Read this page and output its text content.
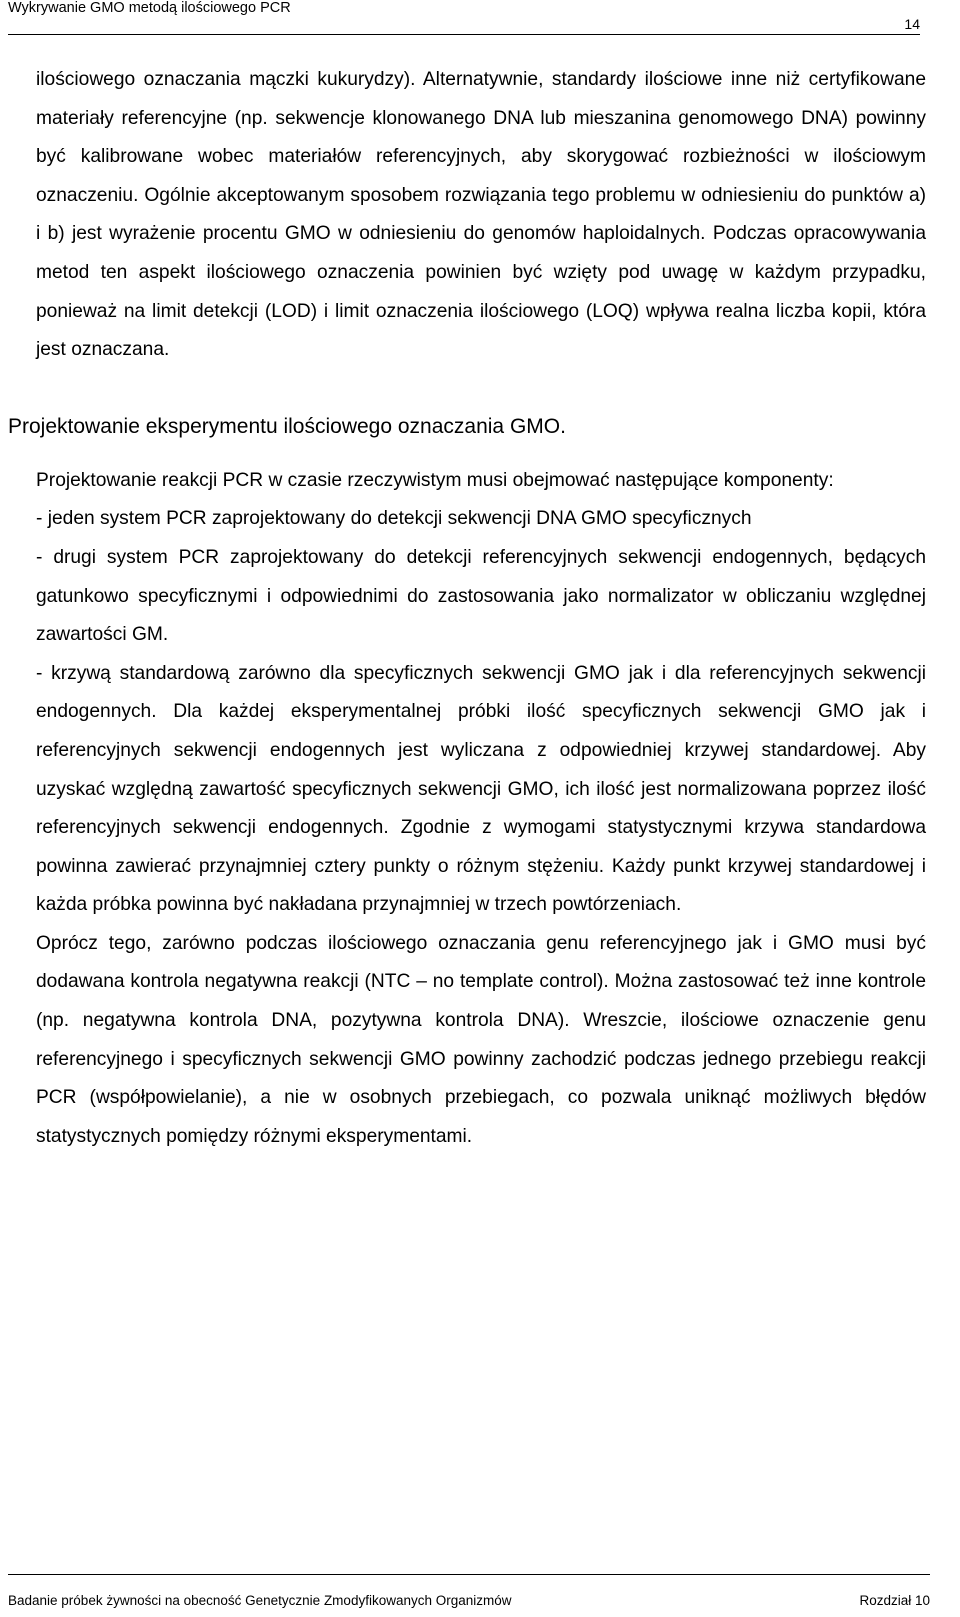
Wykrywanie GMO metodą ilościowego PCR
14

ilościowego oznaczania mączki kukurydzy). Alternatywnie, standardy ilościowe inne niż certyfikowane materiały referencyjne (np. sekwencje klonowanego DNA lub mieszanina genomowego DNA) powinny być kalibrowane wobec materiałów referencyjnych, aby skorygować rozbieżności w ilościowym oznaczeniu. Ogólnie akceptowanym sposobem rozwiązania tego problemu w odniesieniu do punktów a) i b) jest wyrażenie procentu GMO w odniesieniu do genomów haploidalnych. Podczas opracowywania metod ten aspekt ilościowego oznaczenia powinien być wzięty pod uwagę w każdym przypadku, ponieważ na limit detekcji (LOD) i limit oznaczenia ilościowego (LOQ) wpływa realna liczba kopii, która jest oznaczana.

Projektowanie eksperymentu ilościowego oznaczania GMO.

Projektowanie reakcji PCR w czasie rzeczywistym musi obejmować następujące komponenty:

- jeden system PCR zaprojektowany do detekcji sekwencji DNA GMO specyficznych

- drugi system PCR zaprojektowany do detekcji referencyjnych sekwencji endogennych, będących gatunkowo specyficznymi i odpowiednimi do zastosowania jako normalizator w obliczaniu względnej zawartości GM.

- krzywą standardową zarówno dla specyficznych sekwencji GMO jak i dla referencyjnych sekwencji endogennych. Dla każdej eksperymentalnej próbki ilość specyficznych sekwencji GMO jak i referencyjnych sekwencji endogennych jest wyliczana z odpowiedniej krzywej standardowej. Aby uzyskać względną zawartość specyficznych sekwencji GMO, ich ilość jest normalizowana poprzez ilość referencyjnych sekwencji endogennych. Zgodnie z wymogami statystycznymi krzywa standardowa powinna zawierać przynajmniej cztery punkty o różnym stężeniu. Każdy punkt krzywej standardowej i każda próbka powinna być nakładana przynajmniej w trzech powtórzeniach.

Oprócz tego, zarówno podczas ilościowego oznaczania genu referencyjnego jak i GMO musi być dodawana kontrola negatywna reakcji (NTC – no template control). Można zastosować też inne kontrole (np. negatywna kontrola DNA, pozytywna kontrola DNA). Wreszcie, ilościowe oznaczenie genu referencyjnego i specyficznych sekwencji GMO powinny zachodzić podczas jednego przebiegu reakcji PCR (współpowielanie), a nie w osobnych przebiegach, co pozwala uniknąć możliwych błędów statystycznych pomiędzy różnymi eksperymentami.

Badanie próbek żywności na obecność Genetycznie Zmodyfikowanych Organizmów	Rozdział 10
